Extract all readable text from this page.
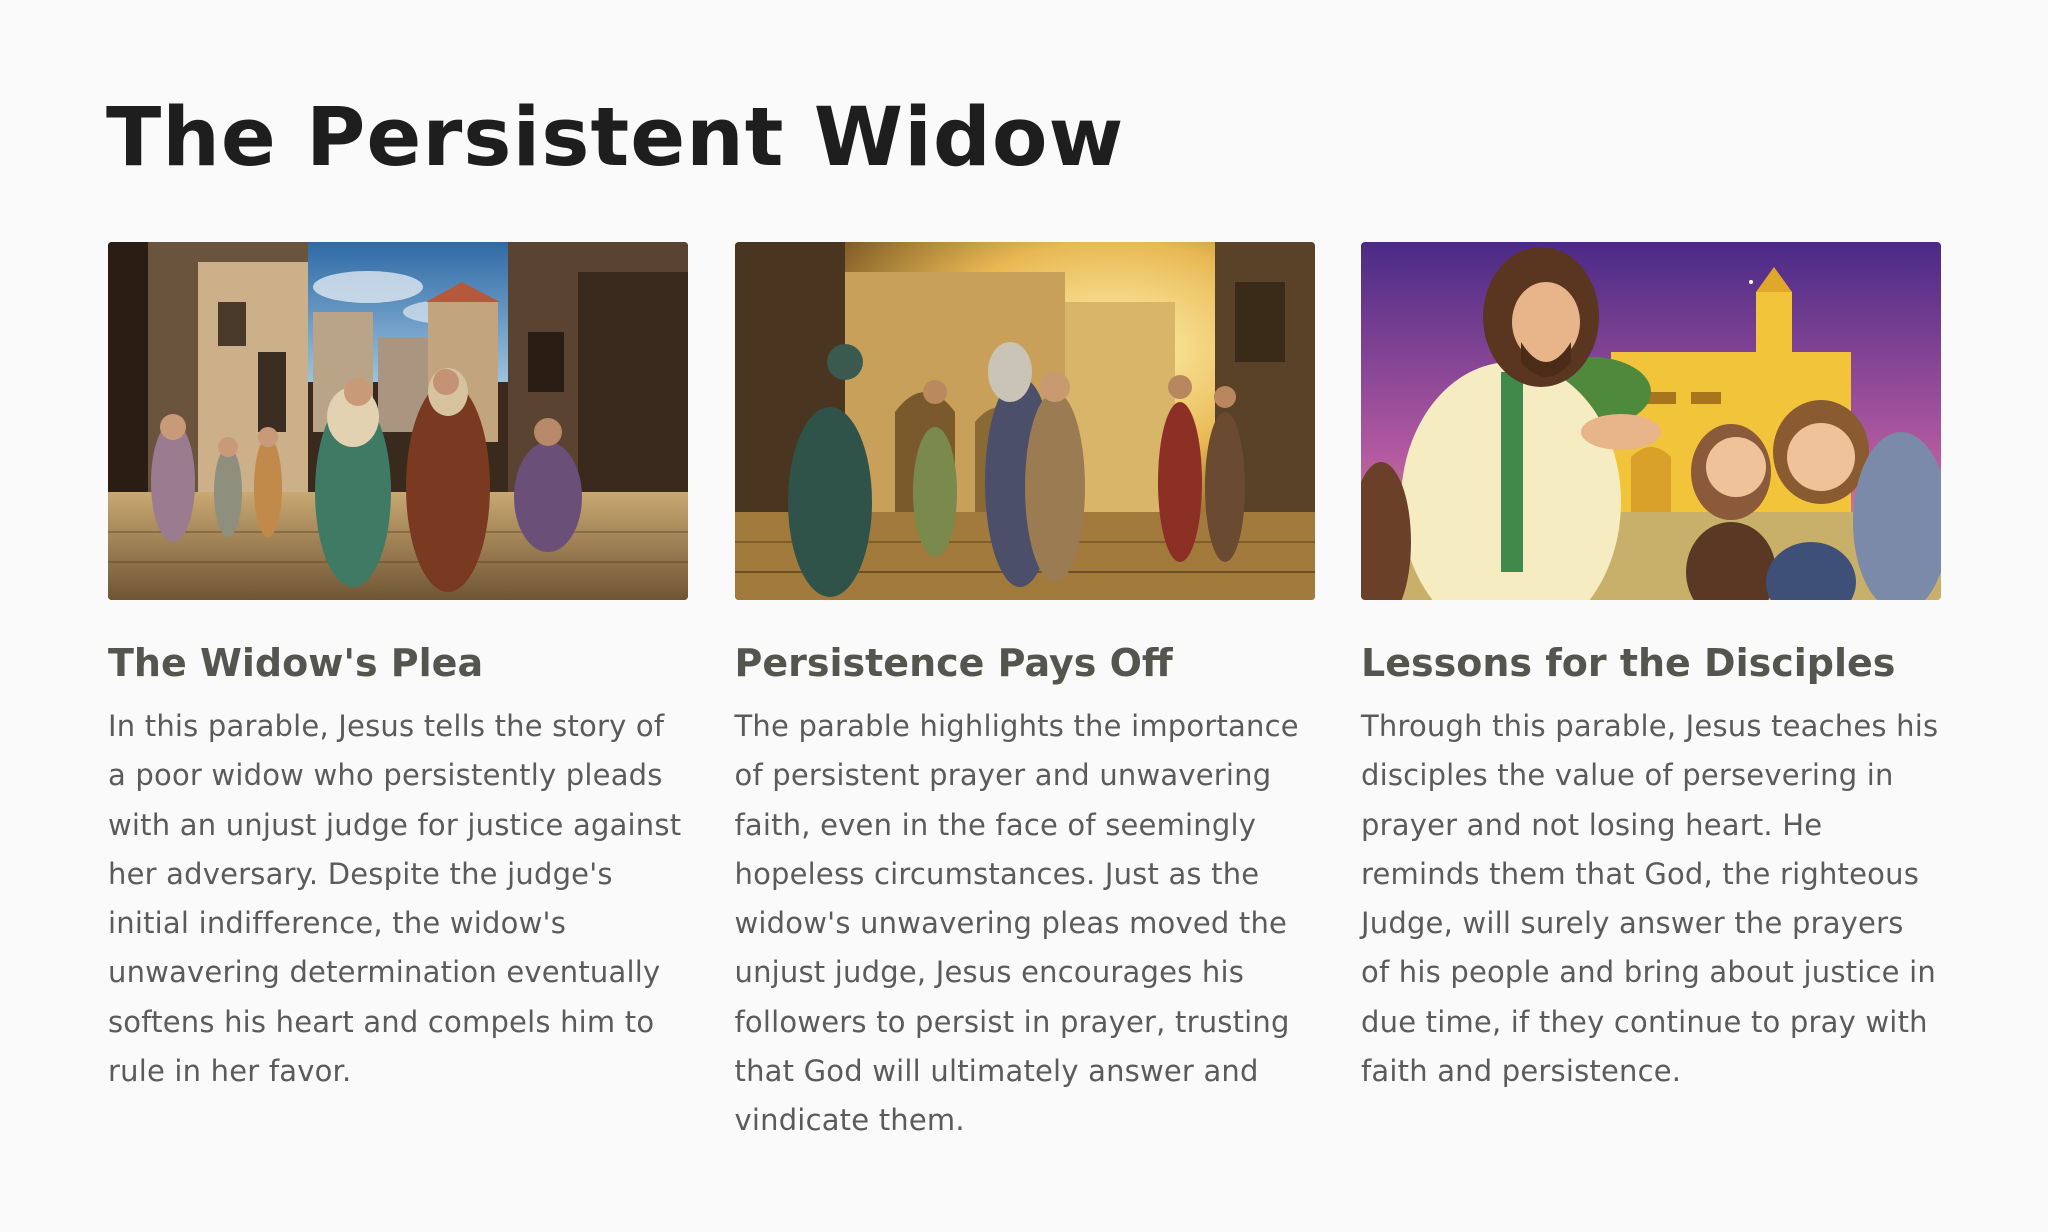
The Persistent Widow
The Widow's Plea

In this parable, Jesus tells the story of a poor widow who persistently pleads with an unjust judge for justice against her adversary. Despite the judge's initial indifference, the widow's unwavering determination eventually softens his heart and compels him to rule in her favor.

Persistence Pays Off

The parable highlights the importance of persistent prayer and unwavering faith, even in the face of seemingly hopeless circumstances. Just as the widow's unwavering pleas moved the unjust judge, Jesus encourages his followers to persist in prayer, trusting that God will ultimately answer and vindicate them.

Lessons for the Disciples

Through this parable, Jesus teaches his disciples the value of persevering in prayer and not losing heart. He reminds them that God, the righteous Judge, will surely answer the prayers of his people and bring about justice in due time, if they continue to pray with faith and persistence.
